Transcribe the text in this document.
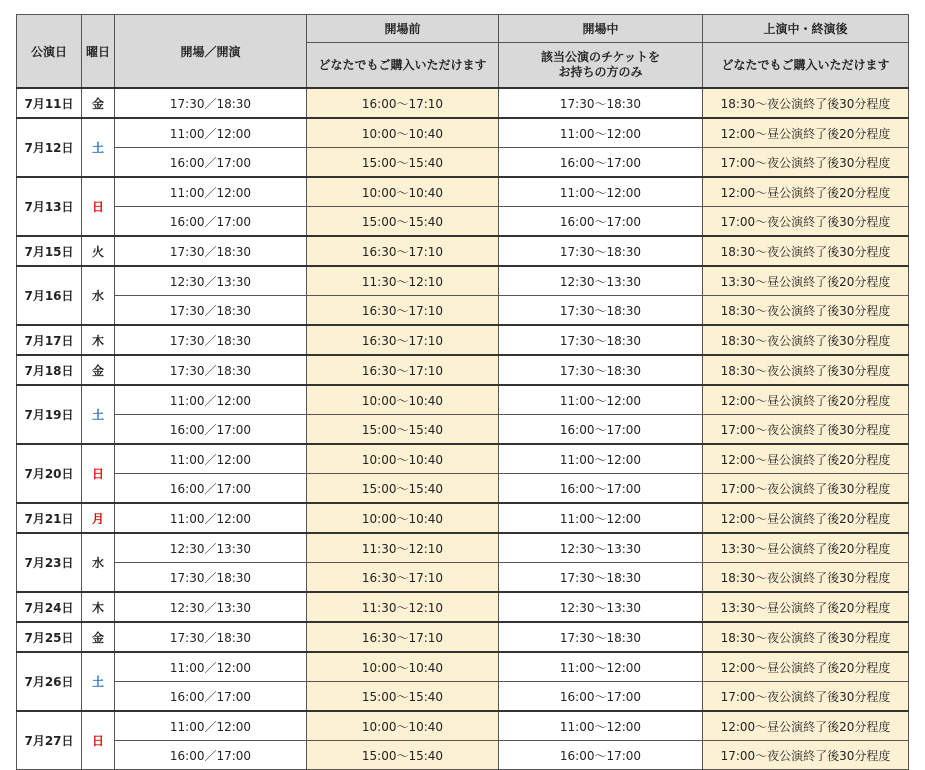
公演日	曜日	開場／開演	開場前	開場中	上演中・終演後
			どなたでもご購入いただけます	該当公演のチケットを
お持ちの方のみ	どなたでもご購入いただけます
7月11日	金	17:30／18:30	16:00～17:10	17:30～18:30	18:30～夜公演終了後30分程度
7月12日	土	11:00／12:00	10:00～10:40	11:00～12:00	12:00～昼公演終了後20分程度
		16:00／17:00	15:00～15:40	16:00～17:00	17:00～夜公演終了後30分程度
7月13日	日	11:00／12:00	10:00～10:40	11:00～12:00	12:00～昼公演終了後20分程度
		16:00／17:00	15:00～15:40	16:00～17:00	17:00～夜公演終了後30分程度
7月15日	火	17:30／18:30	16:30～17:10	17:30～18:30	18:30～夜公演終了後30分程度
7月16日	水	12:30／13:30	11:30～12:10	12:30～13:30	13:30～昼公演終了後20分程度
		17:30／18:30	16:30～17:10	17:30～18:30	18:30～夜公演終了後30分程度
7月17日	木	17:30／18:30	16:30～17:10	17:30～18:30	18:30～夜公演終了後30分程度
7月18日	金	17:30／18:30	16:30～17:10	17:30～18:30	18:30～夜公演終了後30分程度
7月19日	土	11:00／12:00	10:00～10:40	11:00～12:00	12:00～昼公演終了後20分程度
		16:00／17:00	15:00～15:40	16:00～17:00	17:00～夜公演終了後30分程度
7月20日	日	11:00／12:00	10:00～10:40	11:00～12:00	12:00～昼公演終了後20分程度
		16:00／17:00	15:00～15:40	16:00～17:00	17:00～夜公演終了後30分程度
7月21日	月	11:00／12:00	10:00～10:40	11:00～12:00	12:00～昼公演終了後20分程度
7月23日	水	12:30／13:30	11:30～12:10	12:30～13:30	13:30～昼公演終了後20分程度
		17:30／18:30	16:30～17:10	17:30～18:30	18:30～夜公演終了後30分程度
7月24日	木	12:30／13:30	11:30～12:10	12:30～13:30	13:30～昼公演終了後20分程度
7月25日	金	17:30／18:30	16:30～17:10	17:30～18:30	18:30～夜公演終了後30分程度
7月26日	土	11:00／12:00	10:00～10:40	11:00～12:00	12:00～昼公演終了後20分程度
		16:00／17:00	15:00～15:40	16:00～17:00	17:00～夜公演終了後30分程度
7月27日	日	11:00／12:00	10:00～10:40	11:00～12:00	12:00～昼公演終了後20分程度
		16:00／17:00	15:00～15:40	16:00～17:00	17:00～夜公演終了後30分程度
